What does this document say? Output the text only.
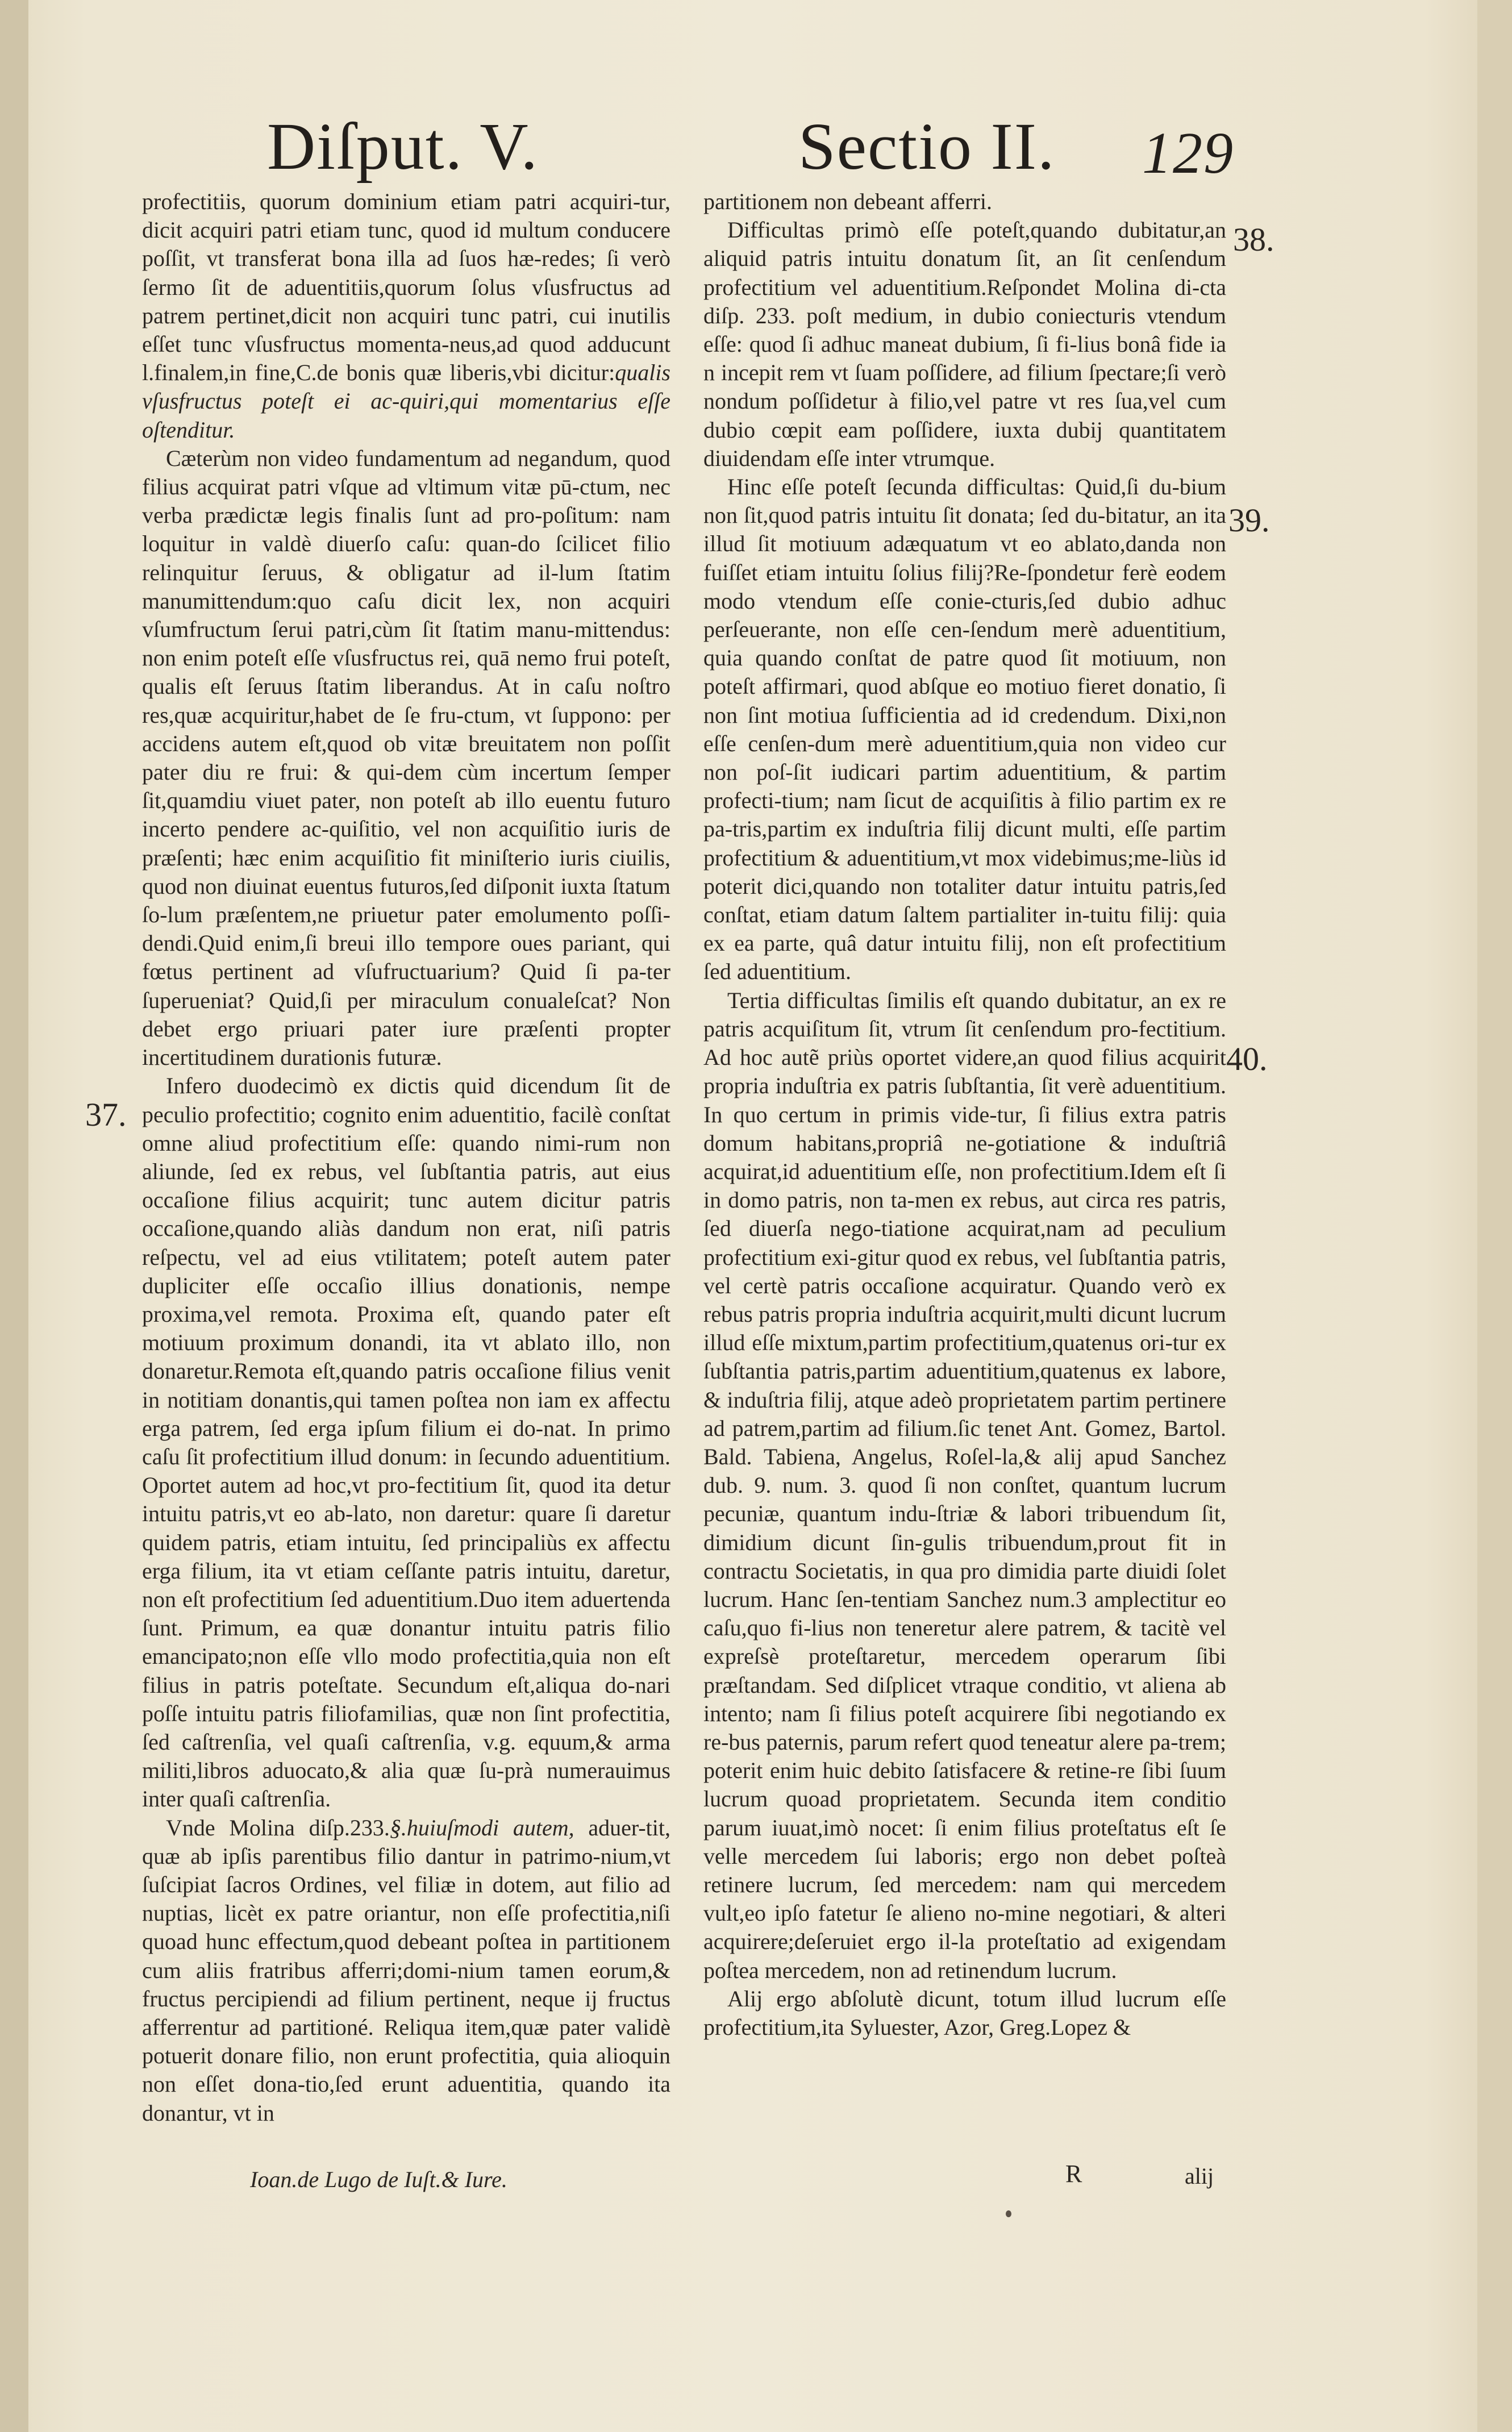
Diſput. V.	Sectio II. 129

profectitiis, quorum dominium etiam patri acquiri-tur, dicit acquiri patri etiam tunc, quod id multum conducere poſſit, vt transferat bona illa ad ſuos hæ-redes; ſi verò ſermo ſit de aduentitiis,quorum ſolus vſusfructus ad patrem pertinet,dicit non acquiri tunc patri, cui inutilis eſſet tunc vſusfructus momenta-neus,ad quod adducunt l.finalem,in fine,C.de bonis quæ liberis,vbi dicitur:qualis vſusfructus poteſt ei ac-quiri,qui momentarius eſſe oſtenditur.

Cæterùm non video fundamentum ad negandum, quod filius acquirat patri vſque ad vltimum vitæ pū-ctum, nec verba prædictæ legis finalis ſunt ad pro-poſitum: nam loquitur in valdè diuerſo caſu: quan-do ſcilicet filio relinquitur ſeruus, & obligatur ad il-lum ſtatim manumittendum:quo caſu dicit lex, non acquiri vſumfructum ſerui patri,cùm ſit ſtatim manu-mittendus: non enim poteſt eſſe vſusfructus rei, quā nemo frui poteſt, qualis eſt ſeruus ſtatim liberandus. At in caſu noſtro res,quæ acquiritur,habet de ſe fru-ctum, vt ſuppono: per accidens autem eſt,quod ob vitæ breuitatem non poſſit pater diu re frui: & qui-dem cùm incertum ſemper ſit,quamdiu viuet pater, non poteſt ab illo euentu futuro incerto pendere ac-quiſitio, vel non acquiſitio iuris de præſenti; hæc enim acquiſitio fit miniſterio iuris ciuilis, quod non diuinat euentus futuros,ſed diſponit iuxta ſtatum ſo-lum præſentem,ne priuetur pater emolumento poſſi-dendi.Quid enim,ſi breui illo tempore oues pariant, qui fœtus pertinent ad vſufructuarium? Quid ſi pa-ter ſuperueniat? Quid,ſi per miraculum conualeſcat? Non debet ergo priuari pater iure præſenti propter incertitudinem durationis futuræ.

Infero duodecimò ex dictis quid dicendum ſit de peculio profectitio; cognito enim aduentitio, facilè conſtat omne aliud profectitium eſſe: quando nimi-rum non aliunde, ſed ex rebus, vel ſubſtantia patris, aut eius occaſione filius acquirit; tunc autem dicitur patris occaſione,quando aliàs dandum non erat, niſi patris reſpectu, vel ad eius vtilitatem; poteſt autem pater dupliciter eſſe occaſio illius donationis, nempe proxima,vel remota. Proxima eſt, quando pater eſt motiuum proximum donandi, ita vt ablato illo, non donaretur.Remota eſt,quando patris occaſione filius venit in notitiam donantis,qui tamen poſtea non iam ex affectu erga patrem, ſed erga ipſum filium ei do-nat. In primo caſu ſit profectitium illud donum: in ſecundo aduentitium. Oportet autem ad hoc,vt pro-fectitium ſit, quod ita detur intuitu patris,vt eo ab-lato, non daretur: quare ſi daretur quidem patris, etiam intuitu, ſed principaliùs ex affectu erga filium, ita vt etiam ceſſante patris intuitu, daretur, non eſt profectitium ſed aduentitium.Duo item aduertenda ſunt. Primum, ea quæ donantur intuitu patris filio emancipato;non eſſe vllo modo profectitia,quia non eſt filius in patris poteſtate. Secundum eſt,aliqua do-nari poſſe intuitu patris filiofamilias, quæ non ſint profectitia, ſed caſtrenſia, vel quaſi caſtrenſia, v.g. equum,& arma militi,libros aduocato,& alia quæ ſu-prà numerauimus inter quaſi caſtrenſia.

Vnde Molina diſp.233.§.huiuſmodi autem, aduer-tit, quæ ab ipſis parentibus filio dantur in patrimo-nium,vt ſuſcipiat ſacros Ordines, vel filiæ in dotem, aut filio ad nuptias, licèt ex patre oriantur, non eſſe profectitia,niſi quoad hunc effectum,quod debeant poſtea in partitionem cum aliis fratribus afferri;domi-nium tamen eorum,& fructus percipiendi ad filium pertinent, neque ij fructus afferrentur ad partitioné. Reliqua item,quæ pater validè potuerit donare filio, non erunt profectitia, quia alioquin non eſſet dona-tio,ſed erunt aduentitia, quando ita donantur, vt in

37.

partitionem non debeant afferri.

Difficultas primò eſſe poteſt,quando dubitatur,an aliquid patris intuitu donatum ſit, an ſit cenſendum profectitium vel aduentitium.Reſpondet Molina di-cta diſp. 233. poſt medium, in dubio coniecturis vtendum eſſe: quod ſi adhuc maneat dubium, ſi fi-lius bonâ fide ia n incepit rem vt ſuam poſſidere, ad filium ſpectare;ſi verò nondum poſſidetur à filio,vel patre vt res ſua,vel cum dubio cœpit eam poſſidere, iuxta dubij quantitatem diuidendam eſſe inter vtrumque.

Hinc eſſe poteſt ſecunda difficultas: Quid,ſi du-bium non ſit,quod patris intuitu ſit donata; ſed du-bitatur, an ita illud ſit motiuum adæquatum vt eo ablato,danda non fuiſſet etiam intuitu ſolius filij?Re-ſpondetur ferè eodem modo vtendum eſſe conie-cturis,ſed dubio adhuc perſeuerante, non eſſe cen-ſendum merè aduentitium, quia quando conſtat de patre quod ſit motiuum, non poteſt affirmari, quod abſque eo motiuo fieret donatio, ſi non ſint motiua ſufficientia ad id credendum. Dixi,non eſſe cenſen-dum merè aduentitium,quia non video cur non poſ-ſit iudicari partim aduentitium, & partim profecti-tium; nam ſicut de acquiſitis à filio partim ex re pa-tris,partim ex induſtria filij dicunt multi, eſſe partim profectitium & aduentitium,vt mox videbimus;me-liùs id poterit dici,quando non totaliter datur intuitu patris,ſed conſtat, etiam datum ſaltem partialiter in-tuitu filij: quia ex ea parte, quâ datur intuitu filij, non eſt profectitium ſed aduentitium.

Tertia difficultas ſimilis eſt quando dubitatur, an ex re patris acquiſitum ſit, vtrum ſit cenſendum pro-fectitium. Ad hoc autẽ priùs oportet videre,an quod filius acquirit propria induſtria ex patris ſubſtantia, ſit verè aduentitium. In quo certum in primis vide-tur, ſi filius extra patris domum habitans,propriâ ne-gotiatione & induſtriâ acquirat,id aduentitium eſſe, non profectitium.Idem eſt ſi in domo patris, non ta-men ex rebus, aut circa res patris, ſed diuerſa nego-tiatione acquirat,nam ad peculium profectitium exi-gitur quod ex rebus, vel ſubſtantia patris, vel certè patris occaſione acquiratur. Quando verò ex rebus patris propria induſtria acquirit,multi dicunt lucrum illud eſſe mixtum,partim profectitium,quatenus ori-tur ex ſubſtantia patris,partim aduentitium,quatenus ex labore, & induſtria filij, atque adeò proprietatem partim pertinere ad patrem,partim ad filium.ſic tenet Ant. Gomez, Bartol. Bald. Tabiena, Angelus, Roſel-la,& alij apud Sanchez dub. 9. num. 3. quod ſi non conſtet, quantum lucrum pecuniæ, quantum indu-ſtriæ & labori tribuendum ſit, dimidium dicunt ſin-gulis tribuendum,prout fit in contractu Societatis, in qua pro dimidia parte diuidi ſolet lucrum. Hanc ſen-tentiam Sanchez num.3 amplectitur eo caſu,quo fi-lius non teneretur alere patrem, & tacitè vel expreſsè proteſtaretur, mercedem operarum ſibi præſtandam. Sed diſplicet vtraque conditio, vt aliena ab intento; nam ſi filius poteſt acquirere ſibi negotiando ex re-bus paternis, parum refert quod teneatur alere pa-trem; poterit enim huic debito ſatisfacere & retine-re ſibi ſuum lucrum quoad proprietatem. Secunda item conditio parum iuuat,imò nocet: ſi enim filius proteſtatus eſt ſe velle mercedem ſui laboris; ergo non debet poſteà retinere lucrum, ſed mercedem: nam qui mercedem vult,eo ipſo fatetur ſe alieno no-mine negotiari, & alteri acquirere;deſeruiet ergo il-la proteſtatio ad exigendam poſtea mercedem, non ad retinendum lucrum.

Alij ergo abſolutè dicunt, totum illud lucrum eſſe profectitium,ita Syluester, Azor, Greg.Lopez &

38.
39.
40.
Ioan.de Lugo de Iuſt.& Iure.	R	alij
